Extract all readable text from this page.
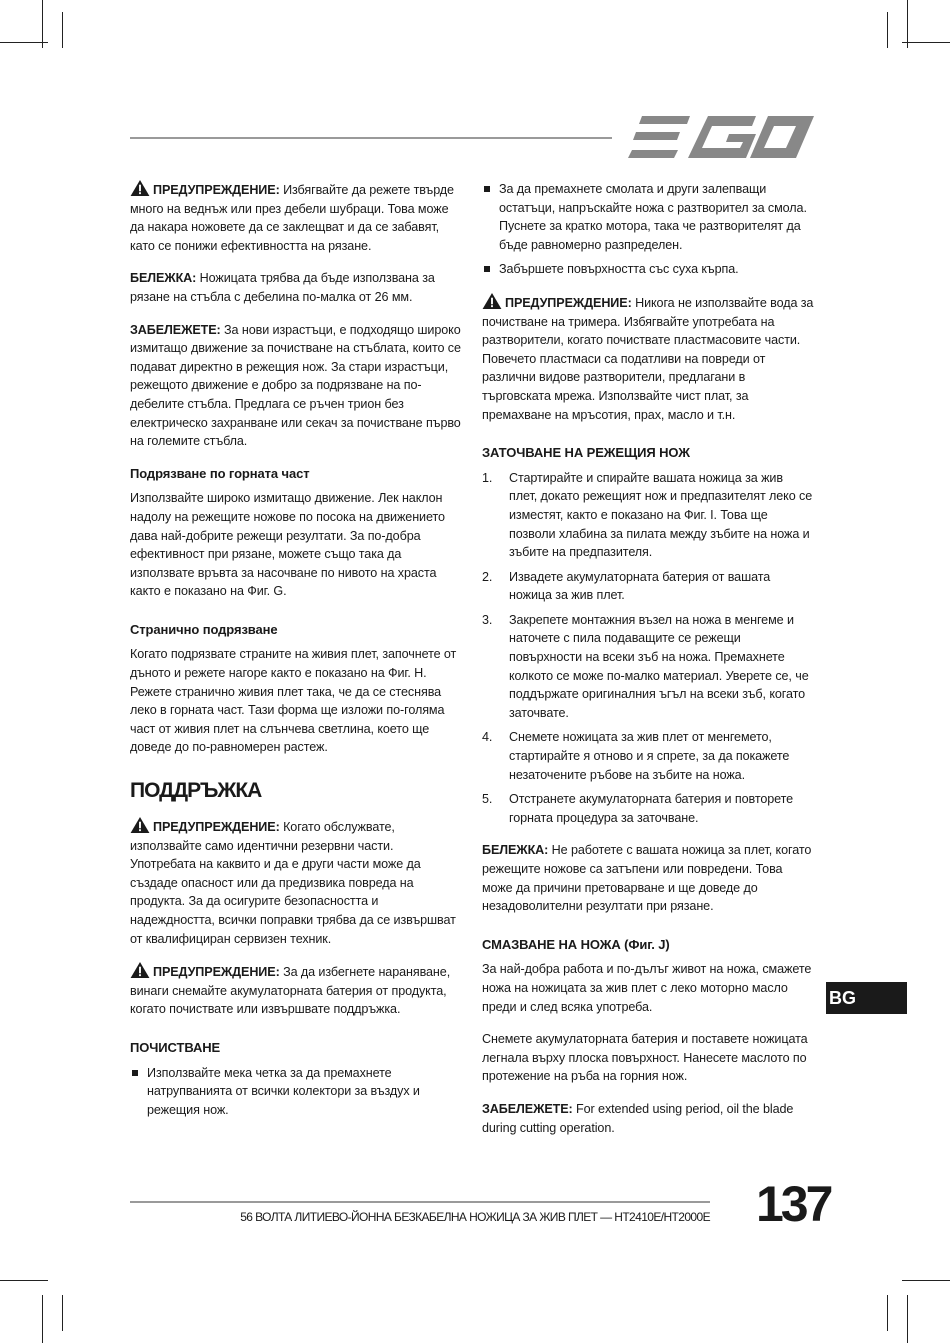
ПРЕДУПРЕЖДЕНИЕ: Избягвайте да режете твърде много на веднъж или през дебели шубраци. Това може да накара ножовете да се заклещват и да се забавят, като се понижи ефективността на рязане.

БЕЛЕЖКА: Ножицата трябва да бъде използвана за рязане на стъбла с дебелина по-малка от 26 мм.

ЗАБЕЛЕЖЕТЕ: За нови израстъци, е подходящо широко измитащо движение за почистване на стъблата, които се подават директно в режещия нож. За стари израстъци, режещото движение е добро за подрязване на по-дебелите стъбла. Предлага се ръчен трион без електрическо захранване или секач за почистване първо на големите стъбла.

Подрязване по горната част

Използвайте широко измитащо движение. Лек наклон надолу на режещите ножове по посока на движението дава най-добрите режещи резултати. За по-добра ефективност при рязане, можете също така да използвате връвта за насочване по нивото на храста както е показано на Фиг. G.

Странично подрязване

Когато подрязвате страните на живия плет, започнете от дъното и режете нагоре както е показано на Фиг. H. Режете странично живия плет така, че да се стеснява леко в горната част. Тази форма ще изложи по-голяма част от живия плет на слънчева светлина, което ще доведе до по-равномерен растеж.

ПОДДРЪЖКА

ПРЕДУПРЕЖДЕНИЕ: Когато обслужвате, използвайте само идентични резервни части. Употребата на каквито и да е други части може да създаде опасност или да предизвика повреда на продукта. За да осигурите безопасността и надеждността, всички поправки трябва да се извършват от квалифициран сервизен техник.

ПРЕДУПРЕЖДЕНИЕ: За да избегнете нараняване, винаги снемайте акумулаторната батерия от продукта, когато почиствате или извършвате поддръжка.

ПОЧИСТВАНЕ
Използвайте мека четка за да премахнете натрупванията от всички колектори за въздух и режещия нож.
За да премахнете смолата и други залепващи остатъци, напръскайте ножа с разтворител за смола. Пуснете за кратко мотора, така че разтворителят да бъде равномерно разпределен.
Забършете повърхността със суха кърпа.

ПРЕДУПРЕЖДЕНИЕ: Никога не използвайте вода за почистване на тримера. Избягвайте употребата на разтворители, когато почиствате пластмасовите части. Повечето пластмаси са податливи на повреди от различни видове разтворители, предлагани в търговската мрежа. Използвайте чист плат, за премахване на мръсотия, прах, масло и т.н.

ЗАТОЧВАНЕ НА РЕЖЕЩИЯ НОЖ
1. Стартирайте и спирайте вашата ножица за жив плет, докато режещият нож и предпазителят леко се изместят, както е показано на Фиг. I. Това ще позволи хлабина за пилата между зъбите на ножа и зъбите на предпазителя.
2. Извадете акумулаторната батерия от вашата ножица за жив плет.
3. Закрепете монтажния възел на ножа в менгеме и наточете с пила подаващите се режещи повърхности на всеки зъб на ножа. Премахнете колкото се може по-малко материал. Уверете се, че поддържате оригиналния ъгъл на всеки зъб, когато заточвате.
4. Снемете ножицата за жив плет от менгемето, стартирайте я отново и я спрете, за да покажете незаточените ръбове на зъбите на ножа.
5. Отстранете акумулаторната батерия и повторете горната процедура за заточване.

БЕЛЕЖКА: Не работете с вашата ножица за плет, когато режещите ножове са затъпени или повредени. Това може да причини претоварване и ще доведе до незадоволителни резултати при рязане.

СМАЗВАНЕ НА НОЖА (Фиг. J)

За най-добра работа и по-дълъг живот на ножа, смажете ножа на ножицата за жив плет с леко моторно масло преди и след всяка употреба.

Снемете акумулаторната батерия и поставете ножицата легнала върху плоска повърхност. Нанесете маслото по протежение на ръба на горния нож.

ЗАБЕЛЕЖЕТЕ: For extended using period, oil the blade during cutting operation.

BG
56 ВОЛТА ЛИТИЕВО-ЙОННА БЕЗКАБЕЛНА НОЖИЦА ЗА ЖИВ ПЛЕТ — HT2410E/HT2000E 137
